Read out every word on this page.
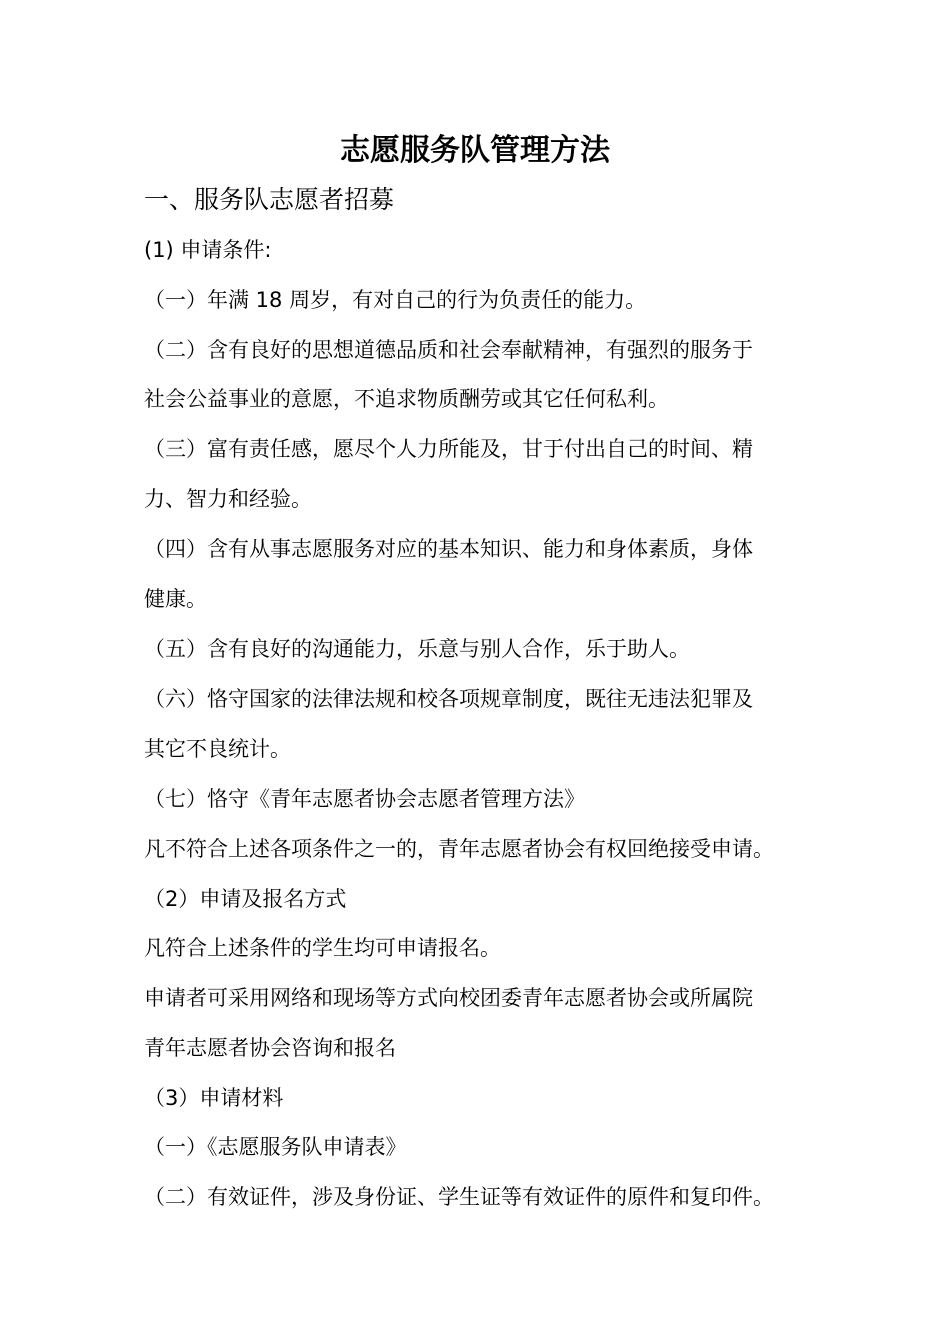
志愿服务队管理方法

一、服务队志愿者招募

(1) 申请条件:

（一）年满 18 周岁，有对自己的行为负责任的能力。

（二）含有良好的思想道德品质和社会奉献精神，有强烈的服务于

社会公益事业的意愿，不追求物质酬劳或其它任何私利。

（三）富有责任感，愿尽个人力所能及，甘于付出自己的时间、精

力、智力和经验。

（四）含有从事志愿服务对应的基本知识、能力和身体素质，身体

健康。

（五）含有良好的沟通能力，乐意与别人合作，乐于助人。

（六）恪守国家的法律法规和校各项规章制度，既往无违法犯罪及

其它不良统计。

（七）恪守《青年志愿者协会志愿者管理方法》

凡不符合上述各项条件之一的，青年志愿者协会有权回绝接受申请。

（2）申请及报名方式

凡符合上述条件的学生均可申请报名。

申请者可采用网络和现场等方式向校团委青年志愿者协会或所属院

青年志愿者协会咨询和报名

（3）申请材料

（一）《志愿服务队申请表》

（二）有效证件，涉及身份证、学生证等有效证件的原件和复印件。
